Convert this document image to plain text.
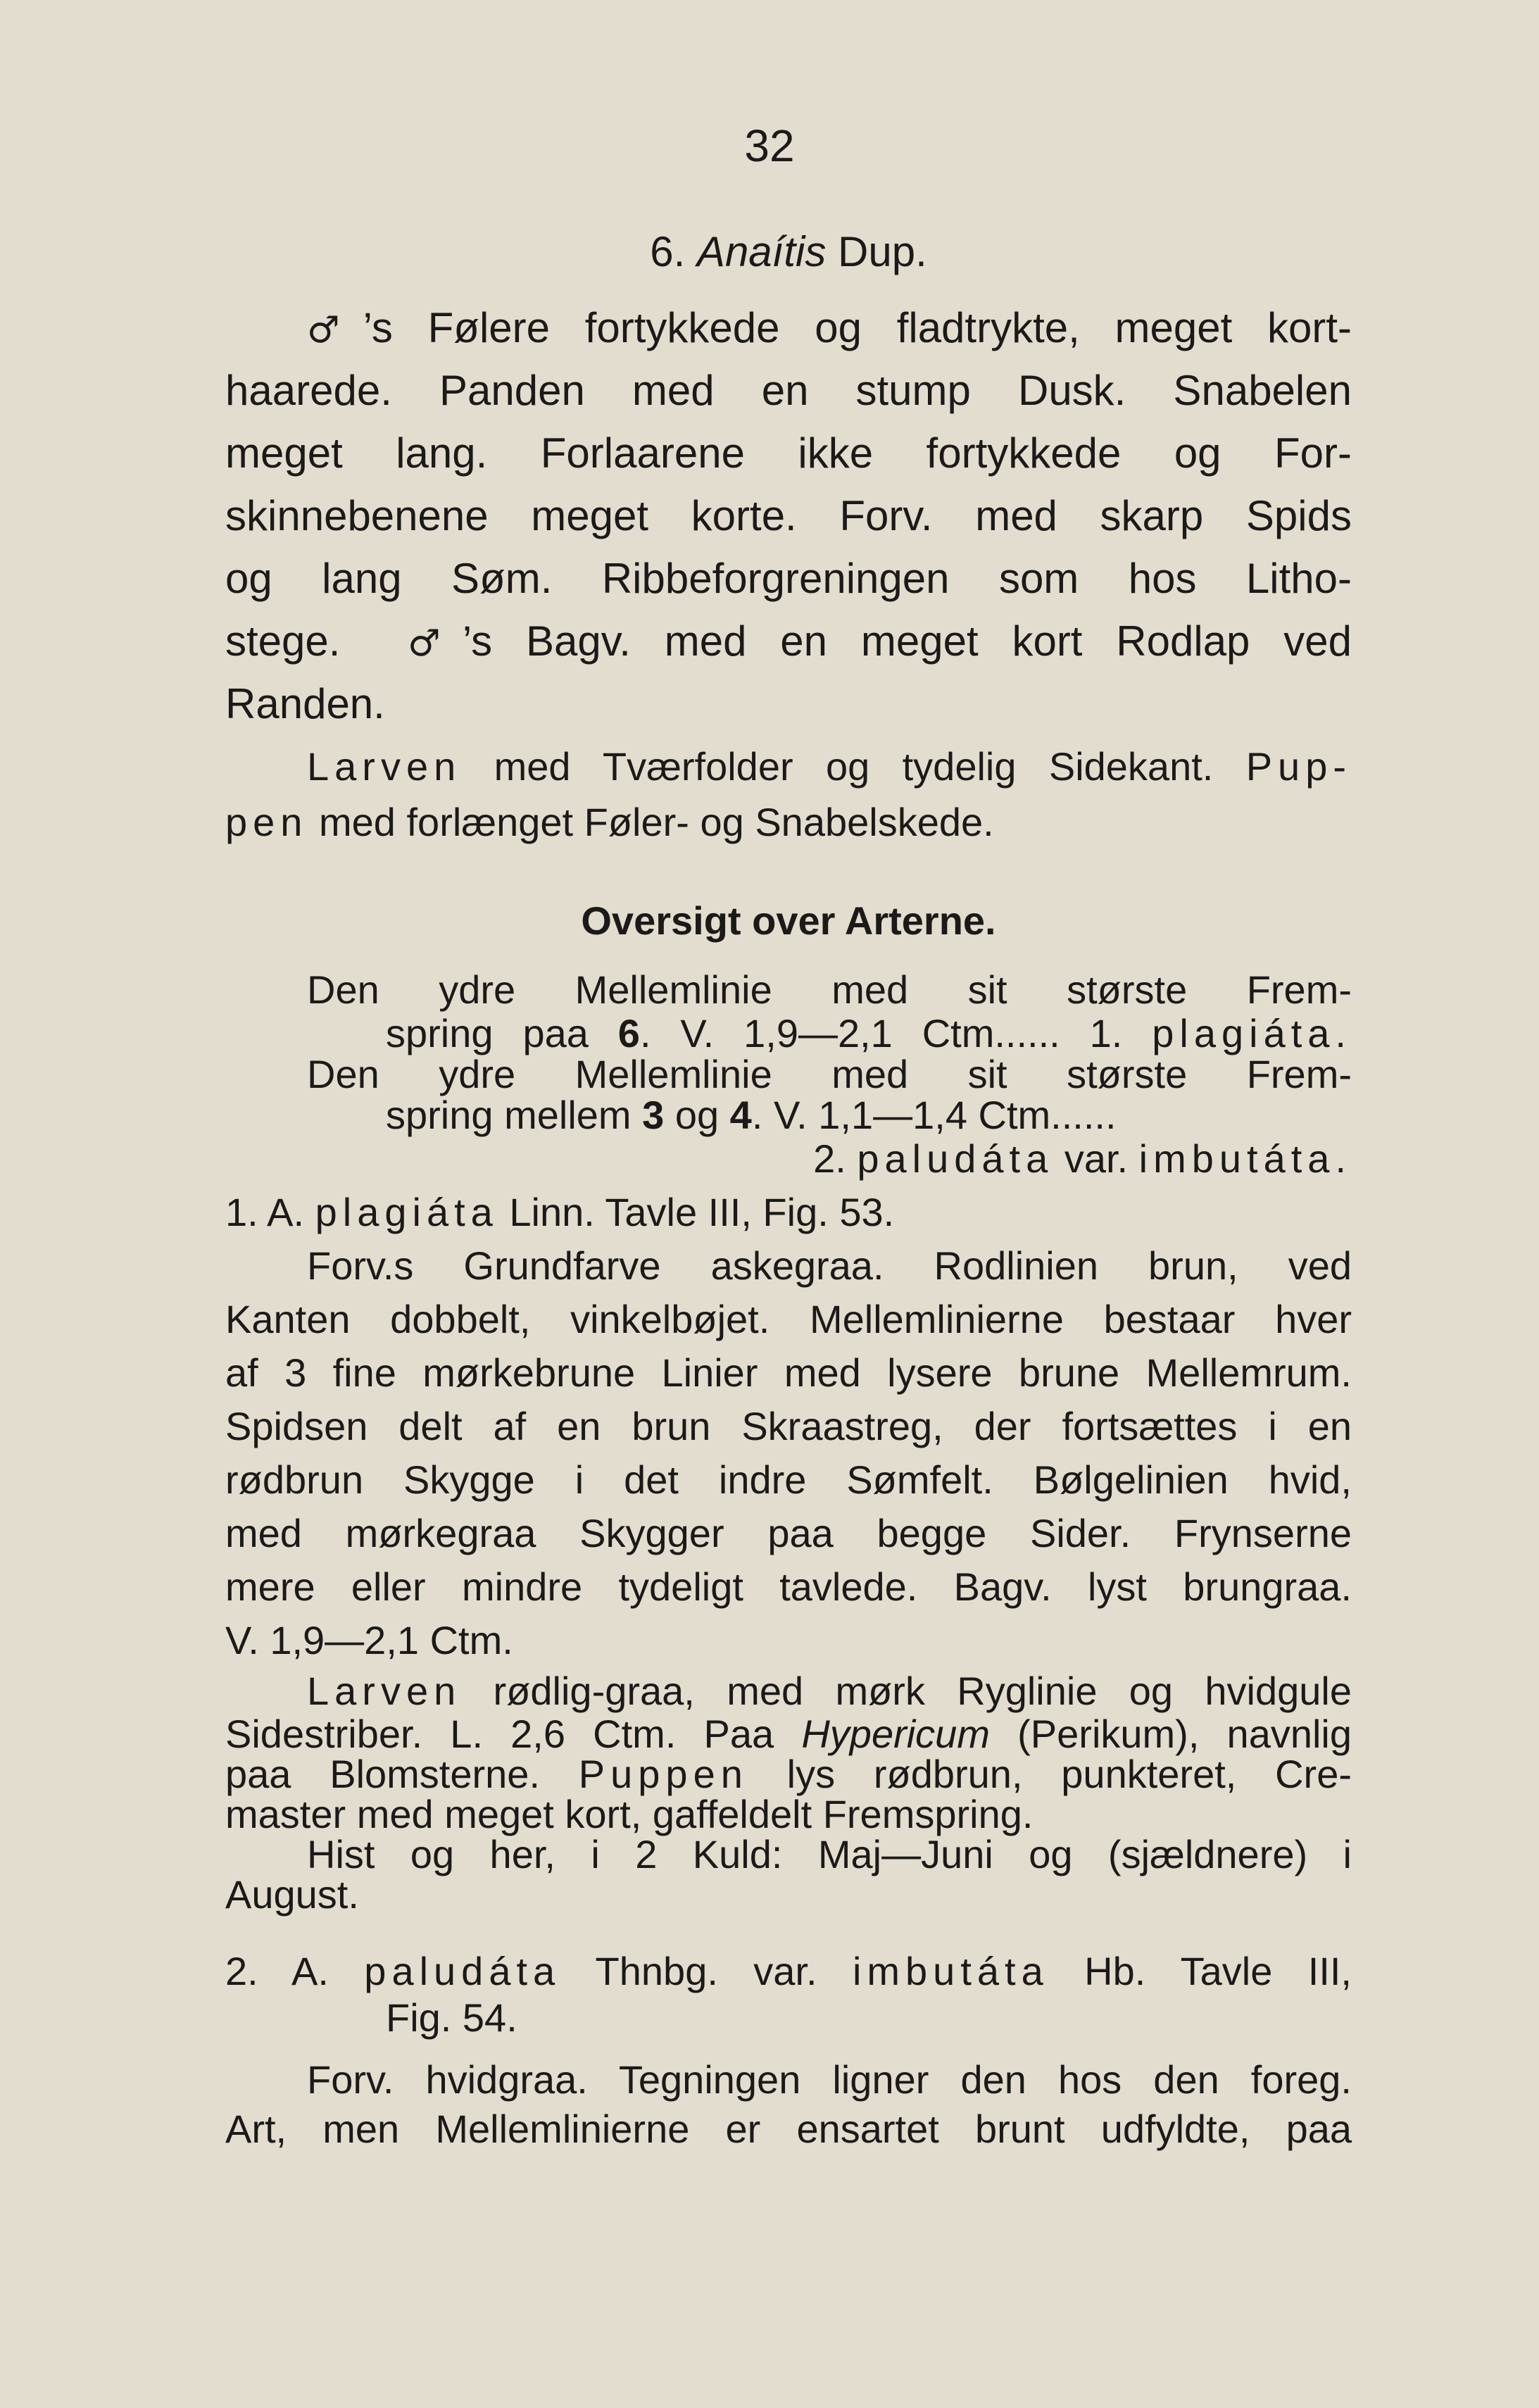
32
6. Anaítis Dup.
♂’s Følere fortykkede og fladtrykte, meget kort-
haarede. Panden med en stump Dusk. Snabelen
meget lang. Forlaarene ikke fortykkede og For-
skinnebenene meget korte. Forv. med skarp Spids
og lang Søm. Ribbeforgreningen som hos Litho-
stege. ♂’s Bagv. med en meget kort Rodlap ved
Randen.
Larven med Tværfolder og tydelig Sidekant. Pup-
pen med forlænget Føler- og Snabelskede.
Oversigt over Arterne.
Den ydre Mellemlinie med sit største Frem-
spring paa 6. V. 1,9—2,1 Ctm...... 1. plagiáta.
Den ydre Mellemlinie med sit største Frem-
spring mellem 3 og 4. V. 1,1—1,4 Ctm......
2. paludáta var. imbutáta.
1. A. plagiáta Linn. Tavle III, Fig. 53.
Forv.s Grundfarve askegraa. Rodlinien brun, ved
Kanten dobbelt, vinkelbøjet. Mellemlinierne bestaar hver
af 3 fine mørkebrune Linier med lysere brune Mellemrum.
Spidsen delt af en brun Skraastreg, der fortsættes i en
rødbrun Skygge i det indre Sømfelt. Bølgelinien hvid,
med mørkegraa Skygger paa begge Sider. Frynserne
mere eller mindre tydeligt tavlede. Bagv. lyst brungraa.
V. 1,9—2,1 Ctm.
Larven rødlig-graa, med mørk Ryglinie og hvidgule
Sidestriber. L. 2,6 Ctm. Paa Hypericum (Perikum), navnlig
paa Blomsterne. Puppen lys rødbrun, punkteret, Cre-
master med meget kort, gaffeldelt Fremspring.
Hist og her, i 2 Kuld: Maj—Juni og (sjældnere) i
August.
2. A. paludáta Thnbg. var. imbutáta Hb. Tavle III,
Fig. 54.
Forv. hvidgraa. Tegningen ligner den hos den foreg.
Art, men Mellemlinierne er ensartet brunt udfyldte, paa
